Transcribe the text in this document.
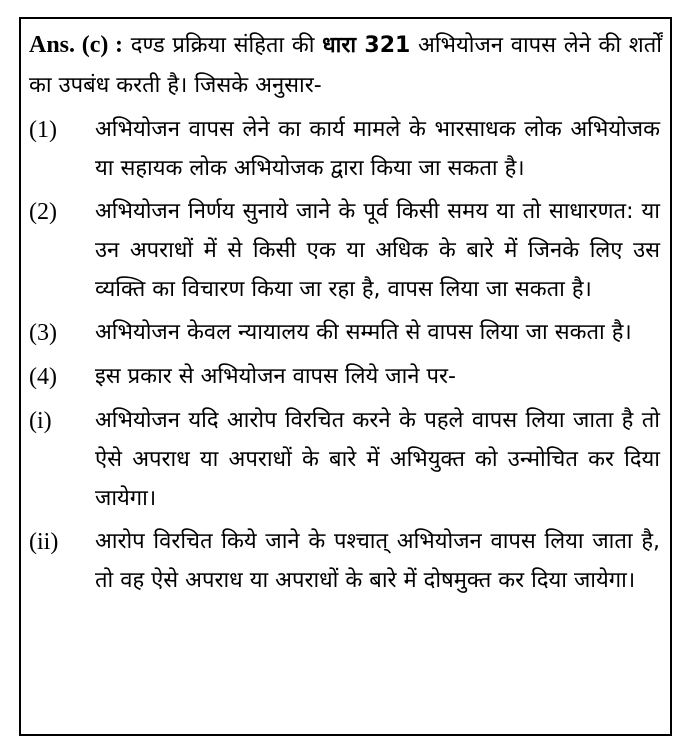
Ans. (c) : दण्ड प्रक्रिया संहिता की धारा 321 अभियोजन वापस लेने की शर्तों का उपबंध करती है। जिसके अनुसार-
(1)	अभियोजन वापस लेने का कार्य मामले के भारसाधक लोक अभियोजक या सहायक लोक अभियोजक द्वारा किया जा सकता है।
(2)	अभियोजन निर्णय सुनाये जाने के पूर्व किसी समय या तो साधारणत: या उन अपराधों में से किसी एक या अधिक के बारे में जिनके लिए उस व्यक्ति का विचारण किया जा रहा है, वापस लिया जा सकता है।
(3)	अभियोजन केवल न्यायालय की सम्मति से वापस लिया जा सकता है।
(4)	इस प्रकार से अभियोजन वापस लिये जाने पर-
(i)	अभियोजन यदि आरोप विरचित करने के पहले वापस लिया जाता है तो ऐसे अपराध या अपराधों के बारे में अभियुक्त को उन्मोचित कर दिया जायेगा।
(ii)	आरोप विरचित किये जाने के पश्चात् अभियोजन वापस लिया जाता है, तो वह ऐसे अपराध या अपराधों के बारे में दोषमुक्त कर दिया जायेगा।
